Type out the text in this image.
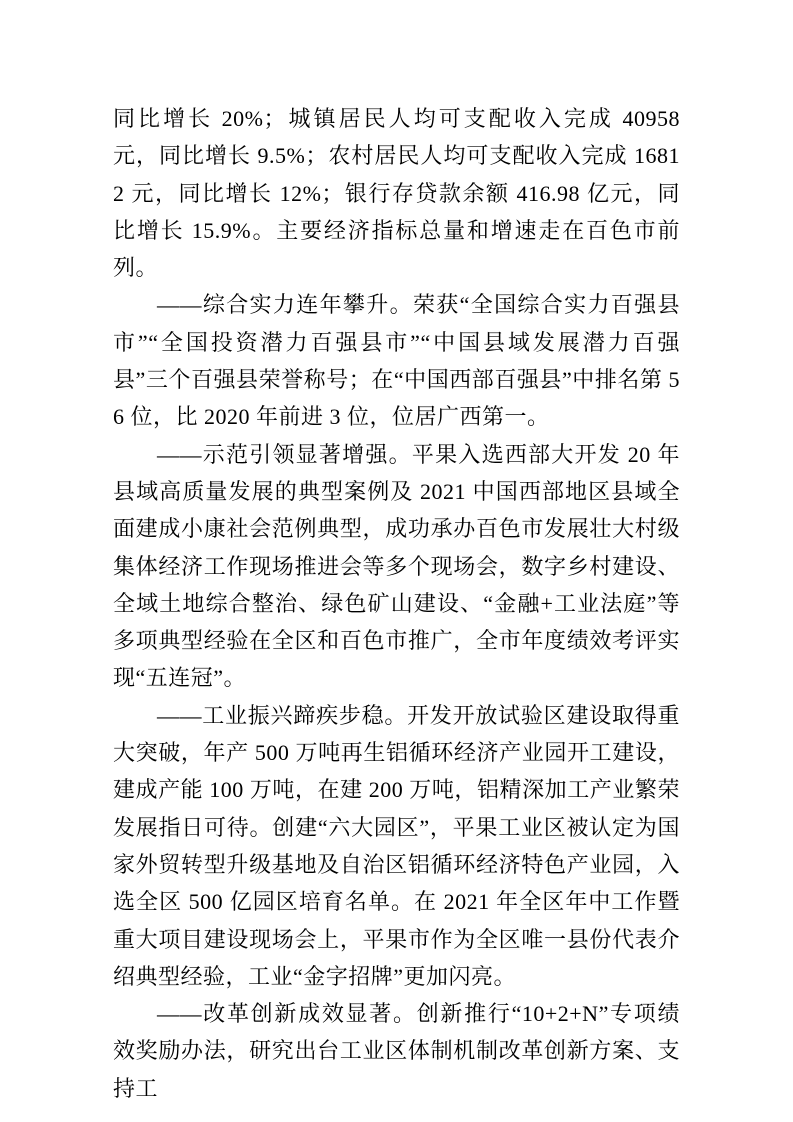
同比增长 20%；城镇居民人均可支配收入完成 40958 元，同比增长 9.5%；农村居民人均可支配收入完成 16812 元，同比增长 12%；银行存贷款余额 416.98 亿元，同比增长 15.9%。主要经济指标总量和增速走在百色市前列。

——综合实力连年攀升。荣获“全国综合实力百强县市”“全国投资潜力百强县市”“中国县域发展潜力百强县”三个百强县荣誉称号；在“中国西部百强县”中排名第 56 位，比 2020 年前进 3 位，位居广西第一。

——示范引领显著增强。平果入选西部大开发 20 年县域高质量发展的典型案例及 2021 中国西部地区县域全面建成小康社会范例典型，成功承办百色市发展壮大村级集体经济工作现场推进会等多个现场会，数字乡村建设、全域土地综合整治、绿色矿山建设、“金融+工业法庭”等多项典型经验在全区和百色市推广，全市年度绩效考评实现“五连冠”。

——工业振兴蹄疾步稳。开发开放试验区建设取得重大突破，年产 500 万吨再生铝循环经济产业园开工建设，建成产能 100 万吨，在建 200 万吨，铝精深加工产业繁荣发展指日可待。创建“六大园区”，平果工业区被认定为国家外贸转型升级基地及自治区铝循环经济特色产业园，入选全区 500 亿园区培育名单。在 2021 年全区年中工作暨重大项目建设现场会上，平果市作为全区唯一县份代表介绍典型经验，工业“金字招牌”更加闪亮。

——改革创新成效显著。创新推行“10+2+N”专项绩效奖励办法，研究出台工业区体制机制改革创新方案、支持工
